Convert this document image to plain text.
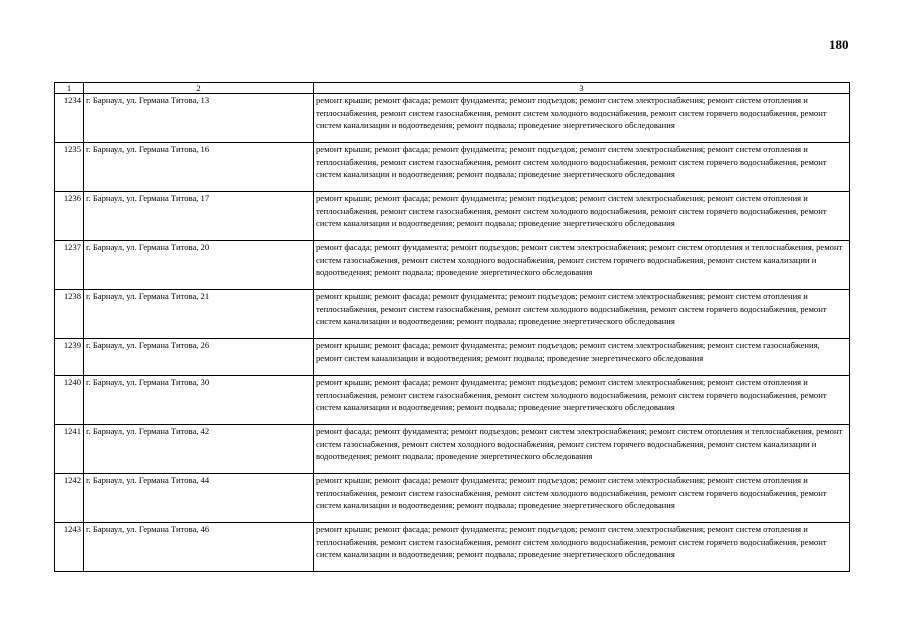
180
1	2	3
1234	г. Барнаул, ул. Германа Титова, 13	ремонт крыши; ремонт фасада; ремонт фундамента; ремонт подъездов; ремонт систем электроснабжения; ремонт систем отопления и теплоснабжения, ремонт систем газоснабжения, ремонт систем холодного водоснабжения, ремонт систем горячего водоснабжения, ремонт систем канализации и водоотведения; ремонт подвала; проведение энергетического обследования
1235	г. Барнаул, ул. Германа Титова, 16	ремонт крыши; ремонт фасада; ремонт фундамента; ремонт подъездов; ремонт систем электроснабжения; ремонт систем отопления и теплоснабжения, ремонт систем газоснабжения, ремонт систем холодного водоснабжения, ремонт систем горячего водоснабжения, ремонт систем канализации и водоотведения; ремонт подвала; проведение энергетического обследования
1236	г. Барнаул, ул. Германа Титова, 17	ремонт крыши; ремонт фасада; ремонт фундамента; ремонт подъездов; ремонт систем электроснабжения; ремонт систем отопления и теплоснабжения, ремонт систем газоснабжения, ремонт систем холодного водоснабжения, ремонт систем горячего водоснабжения, ремонт систем канализации и водоотведения; ремонт подвала; проведение энергетического обследования
1237	г. Барнаул, ул. Германа Титова, 20	ремонт фасада; ремонт фундамента; ремонт подъездов; ремонт систем электроснабжения; ремонт систем отопления и теплоснабжения, ремонт систем газоснабжения, ремонт систем холодного водоснабжения, ремонт систем горячего водоснабжения, ремонт систем канализации и водоотведения; ремонт подвала; проведение энергетического обследования
1238	г. Барнаул, ул. Германа Титова, 21	ремонт крыши; ремонт фасада; ремонт фундамента; ремонт подъездов; ремонт систем электроснабжения; ремонт систем отопления и теплоснабжения, ремонт систем газоснабжения, ремонт систем холодного водоснабжения, ремонт систем горячего водоснабжения, ремонт систем канализации и водоотведения; ремонт подвала; проведение энергетического обследования
1239	г. Барнаул, ул. Германа Титова, 26	ремонт крыши; ремонт фасада; ремонт фундамента; ремонт подъездов; ремонт систем электроснабжения; ремонт систем газоснабжения, ремонт систем канализации и водоотведения; ремонт подвала; проведение энергетического обследования
1240	г. Барнаул, ул. Германа Титова, 30	ремонт крыши; ремонт фасада; ремонт фундамента; ремонт подъездов; ремонт систем электроснабжения; ремонт систем отопления и теплоснабжения, ремонт систем газоснабжения, ремонт систем холодного водоснабжения, ремонт систем горячего водоснабжения, ремонт систем канализации и водоотведения; ремонт подвала; проведение энергетического обследования
1241	г. Барнаул, ул. Германа Титова, 42	ремонт фасада; ремонт фундамента; ремонт подъездов; ремонт систем электроснабжения; ремонт систем отопления и теплоснабжения, ремонт систем газоснабжения, ремонт систем холодного водоснабжения, ремонт систем горячего водоснабжения, ремонт систем канализации и водоотведения; ремонт подвала; проведение энергетического обследования
1242	г. Барнаул, ул. Германа Титова, 44	ремонт крыши; ремонт фасада; ремонт фундамента; ремонт подъездов; ремонт систем электроснабжения; ремонт систем отопления и теплоснабжения, ремонт систем газоснабжения, ремонт систем холодного водоснабжения, ремонт систем горячего водоснабжения, ремонт систем канализации и водоотведения; ремонт подвала; проведение энергетического обследования
1243	г. Барнаул, ул. Германа Титова, 46	ремонт крыши; ремонт фасада; ремонт фундамента; ремонт подъездов; ремонт систем электроснабжения; ремонт систем отопления и теплоснабжения, ремонт систем газоснабжения, ремонт систем холодного водоснабжения, ремонт систем горячего водоснабжения, ремонт систем канализации и водоотведения; ремонт подвала; проведение энергетического обследования
